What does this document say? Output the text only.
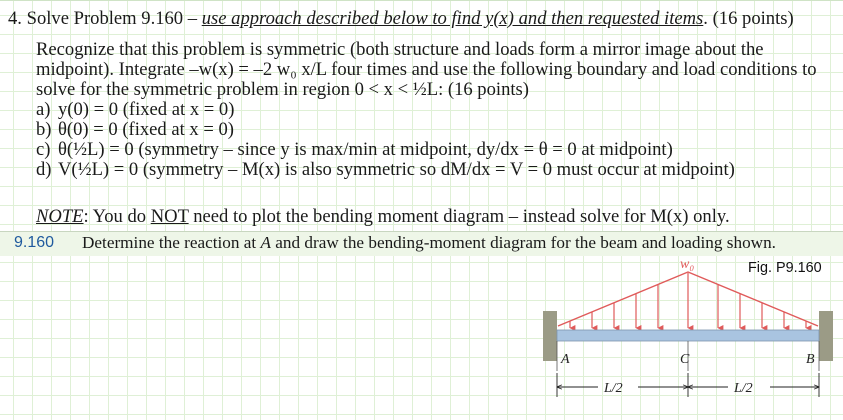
4. Solve Problem 9.160 – use approach described below to find y(x) and then requested items. (16 points)

Recognize that this problem is symmetric (both structure and loads form a mirror image about the midpoint). Integrate –w(x) = –2 w₀ x/L four times and use the following boundary and load conditions to solve for the symmetric problem in region 0 < x < ½L: (16 points)

a) y(0) = 0 (fixed at x = 0)
b) θ(0) = 0 (fixed at x = 0)
c) θ(½L) = 0 (symmetry – since y is max/min at midpoint, dy/dx = θ = 0 at midpoint)
d) V(½L) = 0 (symmetry – M(x) is also symmetric so dM/dx = V = 0 must occur at midpoint)
NOTE: You do NOT need to plot the bending moment diagram – instead solve for M(x) only.
9.160 Determine the reaction at A and draw the bending-moment diagram for the beam and loading shown.
Fig. P9.160
w₀
A	C	B
L/2	L/2
